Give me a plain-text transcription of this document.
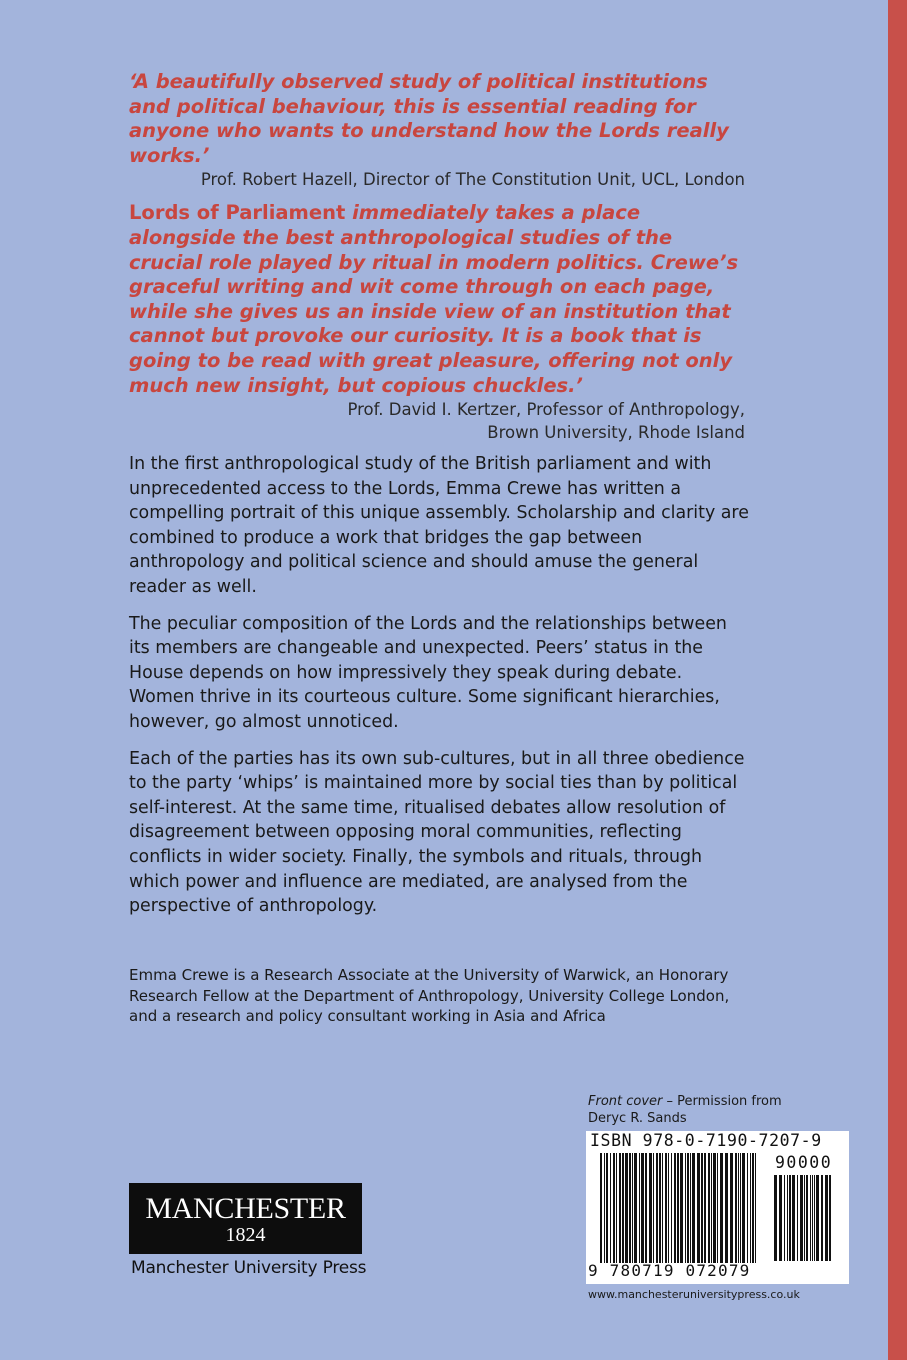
‘A beautifully observed study of political institutions and political behaviour, this is essential reading for anyone who wants to understand how the Lords really works.’

Prof. Robert Hazell, Director of The Constitution Unit, UCL, London

Lords of Parliament immediately takes a place alongside the best anthropological studies of the crucial role played by ritual in modern politics. Crewe’s graceful writing and wit come through on each page, while she gives us an inside view of an institution that cannot but provoke our curiosity. It is a book that is going to be read with great pleasure, offering not only much new insight, but copious chuckles.’

Prof. David I. Kertzer, Professor of Anthropology,
Brown University, Rhode Island

In the first anthropological study of the British parliament and with unprecedented access to the Lords, Emma Crewe has written a compelling portrait of this unique assembly. Scholarship and clarity are combined to produce a work that bridges the gap between anthropology and political science and should amuse the general reader as well.

The peculiar composition of the Lords and the relationships between its members are changeable and unexpected. Peers’ status in the House depends on how impressively they speak during debate. Women thrive in its courteous culture. Some significant hierarchies, however, go almost unnoticed.

Each of the parties has its own sub-cultures, but in all three obedience to the party ‘whips’ is maintained more by social ties than by political self-interest. At the same time, ritualised debates allow resolution of disagreement between opposing moral communities, reflecting conflicts in wider society. Finally, the symbols and rituals, through which power and influence are mediated, are analysed from the perspective of anthropology.

Emma Crewe is a Research Associate at the University of Warwick, an Honorary Research Fellow at the Department of Anthropology, University College London, and a research and policy consultant working in Asia and Africa

Front cover – Permission from
Deryc R. Sands
ISBN 978-0-7190-7207-9
90000
9 780719 072079
www.manchesteruniversitypress.co.uk
MANCHESTER
1824
Manchester University Press
